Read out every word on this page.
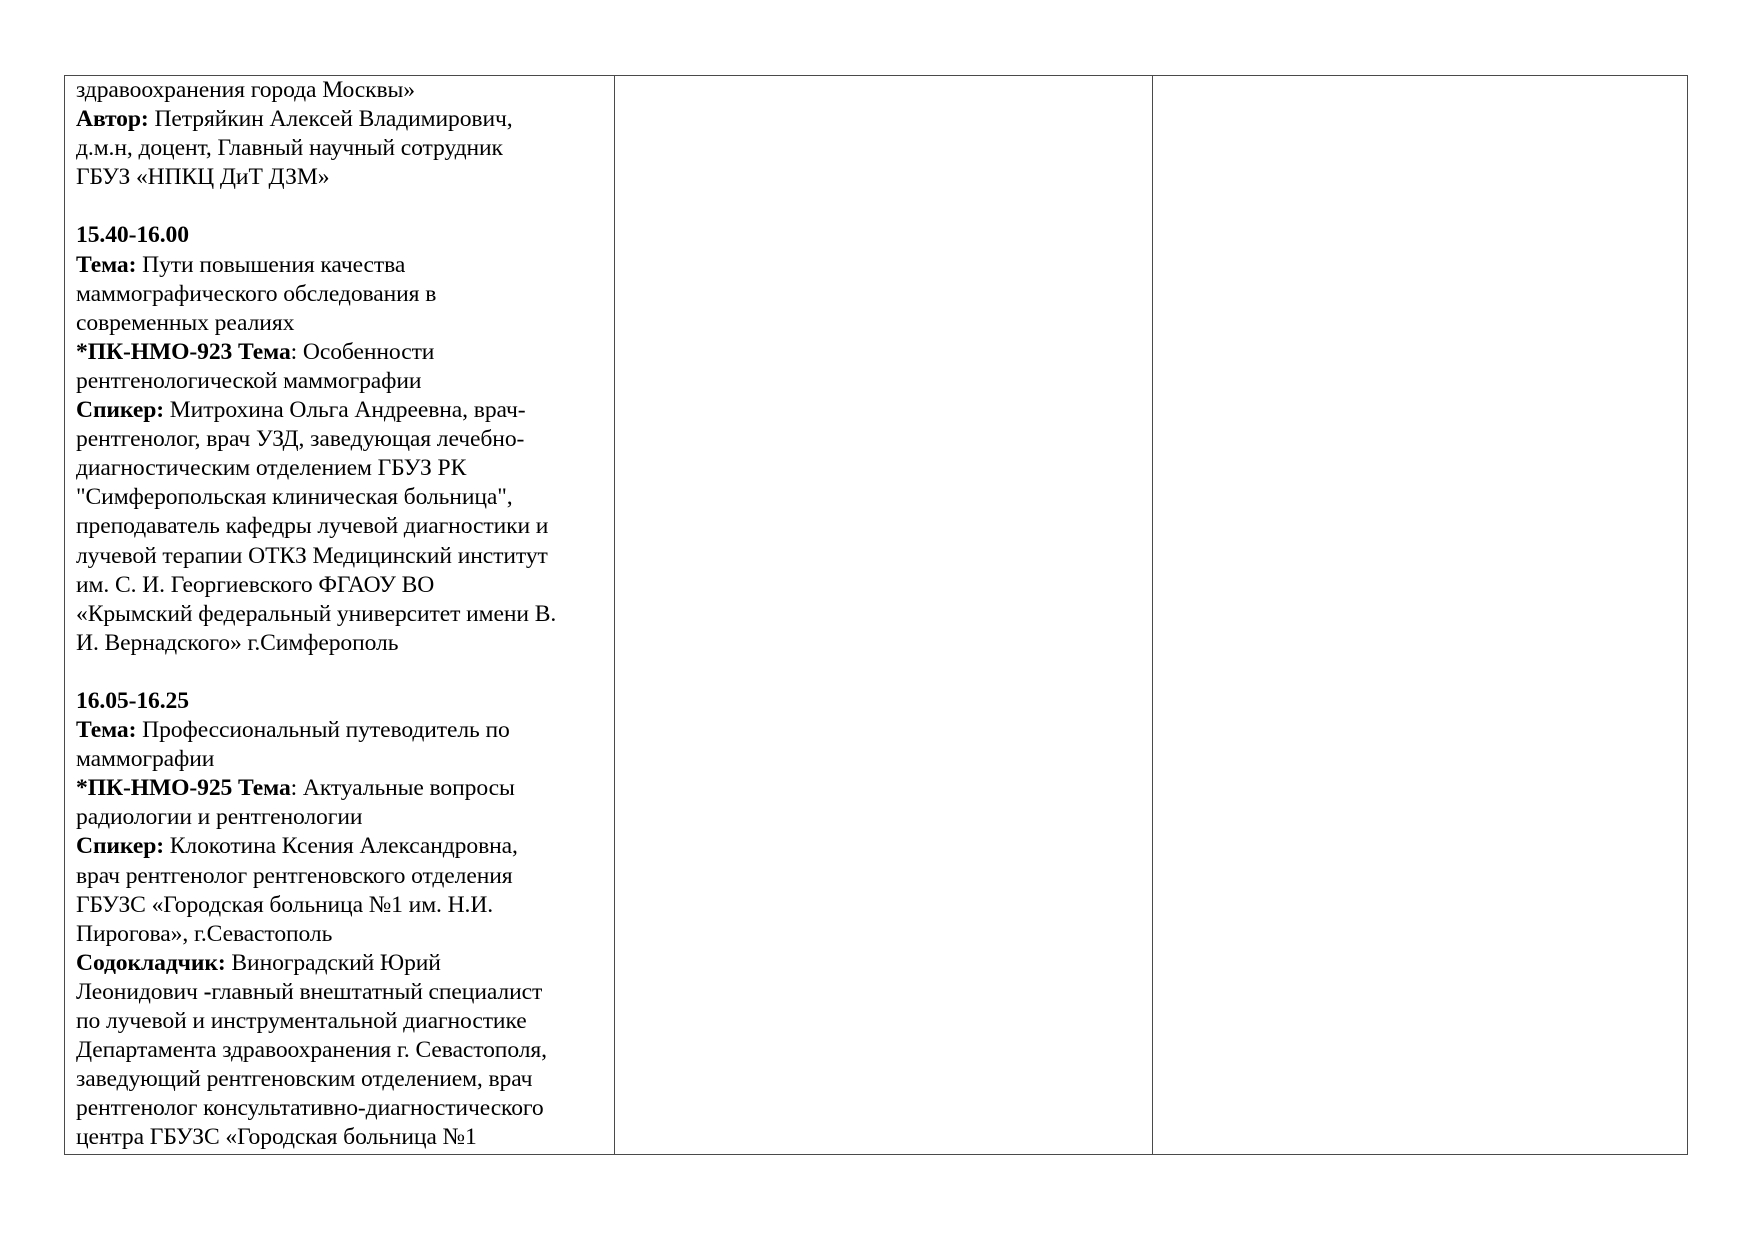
здравоохранения города Москвы»
Автор: Петряйкин Алексей Владимирович,
д.м.н, доцент, Главный научный сотрудник
ГБУЗ «НПКЦ ДиТ ДЗМ»
15.40-16.00
Тема: Пути повышения качества
маммографического обследования в
современных реалиях
*ПК-НМО-923 Тема: Особенности
рентгенологической маммографии
Спикер: Митрохина Ольга Андреевна, врач-
рентгенолог, врач УЗД, заведующая лечебно-
диагностическим отделением ГБУЗ РК
"Симферопольская клиническая больница",
преподаватель кафедры лучевой диагностики и
лучевой терапии ОТКЗ Медицинский институт
им. С. И. Георгиевского ФГАОУ ВО
«Крымский федеральный университет имени В.
И. Вернадского» г.Симферополь
16.05-16.25
Тема: Профессиональный путеводитель по
маммографии
*ПК-НМО-925 Тема: Актуальные вопросы
радиологии и рентгенологии
Спикер: Клокотина Ксения Александровна,
врач рентгенолог рентгеновского отделения
ГБУЗС «Городская больница №1 им. Н.И.
Пирогова», г.Севастополь
Содокладчик: Виноградский Юрий
Леонидович -главный внештатный специалист
по лучевой и инструментальной диагностике
Департамента здравоохранения г. Севастополя,
заведующий рентгеновским отделением, врач
рентгенолог консультативно-диагностического
центра ГБУЗС «Городская больница №1
